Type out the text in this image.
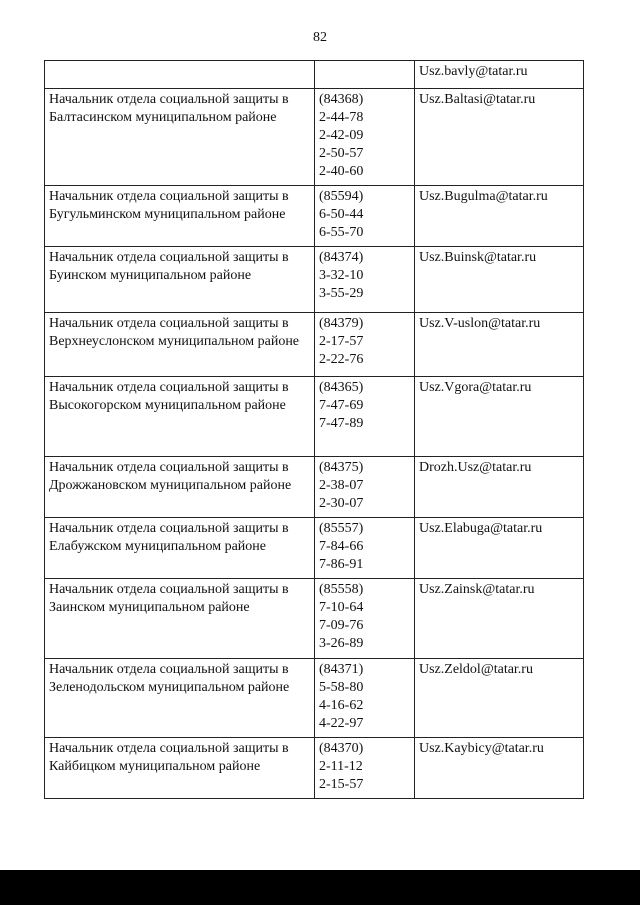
82
		Usz.bavly@tatar.ru
Начальник отдела социальной защиты в Балтасинском муниципальном районе	(84368)
2-44-78
2-42-09
2-50-57
2-40-60	Usz.Baltasi@tatar.ru
Начальник отдела социальной защиты в Бугульминском муниципальном районе	(85594)
6-50-44
6-55-70	Usz.Bugulma@tatar.ru
Начальник отдела социальной защиты в Буинском муниципальном районе	(84374)
3-32-10
3-55-29	Usz.Buinsk@tatar.ru
Начальник отдела социальной защиты в Верхнеуслонском муниципальном районе	(84379)
2-17-57
2-22-76	Usz.V-uslon@tatar.ru
Начальник отдела социальной защиты в Высокогорском муниципальном районе	(84365)
7-47-69
7-47-89	Usz.Vgora@tatar.ru
Начальник отдела социальной защиты в Дрожжановском муниципальном районе	(84375)
2-38-07
2-30-07	Drozh.Usz@tatar.ru
Начальник отдела социальной защиты в Елабужском муниципальном районе	(85557)
7-84-66
7-86-91	Usz.Elabuga@tatar.ru
Начальник отдела социальной защиты в Заинском муниципальном районе	(85558)
7-10-64
7-09-76
3-26-89	Usz.Zainsk@tatar.ru
Начальник отдела социальной защиты в Зеленодольском муниципальном районе	(84371)
5-58-80
4-16-62
4-22-97	Usz.Zeldol@tatar.ru
Начальник отдела социальной защиты в Кайбицком муниципальном районе	(84370)
2-11-12
2-15-57	Usz.Kaybicy@tatar.ru
